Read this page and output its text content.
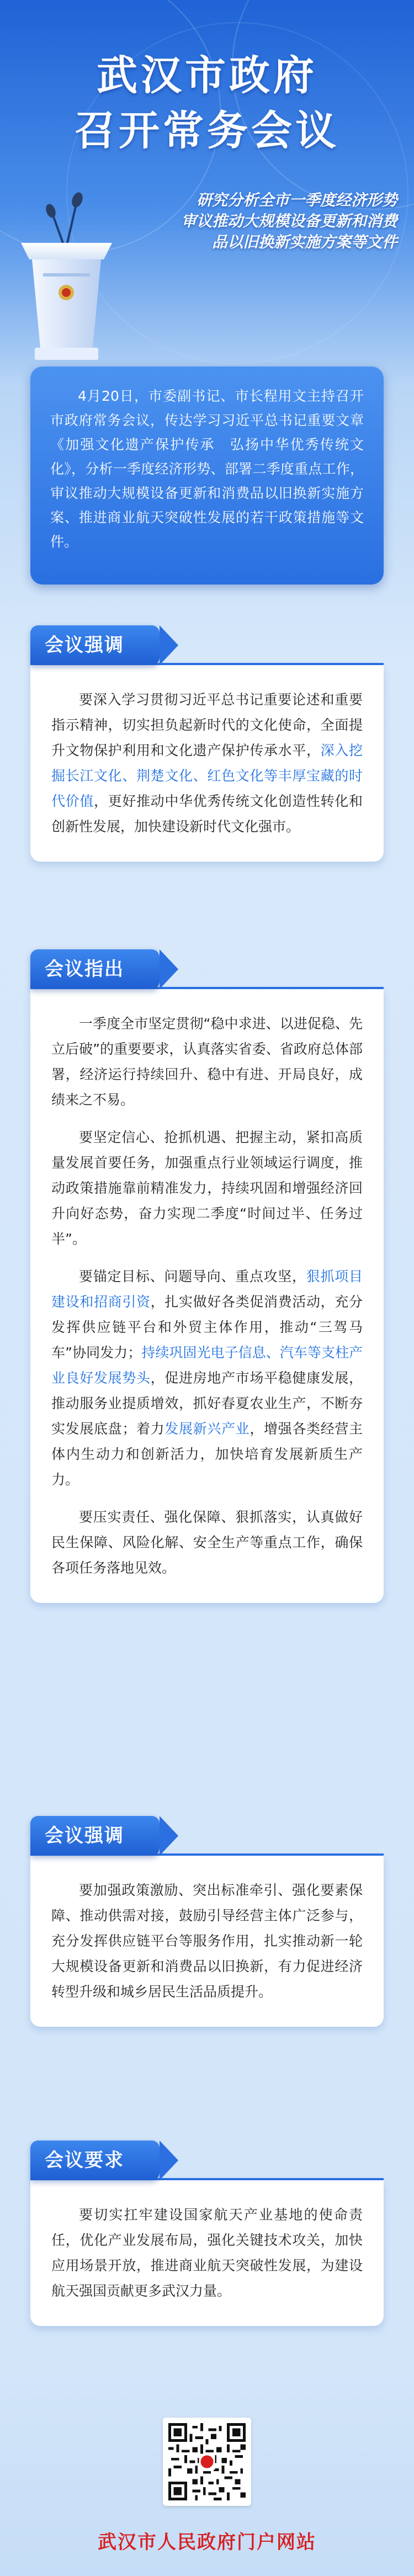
武汉市政府
召开常务会议
研究分析全市一季度经济形势
审议推动大规模设备更新和消费
品以旧换新实施方案等文件
4月20日，市委副书记、市长程用文主持召开市政府常务会议，传达学习习近平总书记重要文章《加强文化遗产保护传承　弘扬中华优秀传统文化》，分析一季度经济形势、部署二季度重点工作，审议推动大规模设备更新和消费品以旧换新实施方案、推进商业航天突破性发展的若干政策措施等文件。
会议强调

要深入学习贯彻习近平总书记重要论述和重要指示精神，切实担负起新时代的文化使命，全面提升文物保护利用和文化遗产保护传承水平，深入挖掘长江文化、荆楚文化、红色文化等丰厚宝藏的时代价值，更好推动中华优秀传统文化创造性转化和创新性发展，加快建设新时代文化强市。

会议指出

一季度全市坚定贯彻“稳中求进、以进促稳、先立后破”的重要要求，认真落实省委、省政府总体部署，经济运行持续回升、稳中有进、开局良好，成绩来之不易。

要坚定信心、抢抓机遇、把握主动，紧扣高质量发展首要任务，加强重点行业领域运行调度，推动政策措施靠前精准发力，持续巩固和增强经济回升向好态势，奋力实现二季度“时间过半、任务过半”。

要锚定目标、问题导向、重点攻坚，狠抓项目建设和招商引资，扎实做好各类促消费活动，充分发挥供应链平台和外贸主体作用，推动“三驾马车”协同发力；持续巩固光电子信息、汽车等支柱产业良好发展势头，促进房地产市场平稳健康发展，推动服务业提质增效，抓好春夏农业生产，不断夯实发展底盘；着力发展新兴产业，增强各类经营主体内生动力和创新活力，加快培育发展新质生产力。

要压实责任、强化保障、狠抓落实，认真做好民生保障、风险化解、安全生产等重点工作，确保各项任务落地见效。

会议强调

要加强政策激励、突出标准牵引、强化要素保障、推动供需对接，鼓励引导经营主体广泛参与，充分发挥供应链平台等服务作用，扎实推动新一轮大规模设备更新和消费品以旧换新，有力促进经济转型升级和城乡居民生活品质提升。

会议要求

要切实扛牢建设国家航天产业基地的使命责任，优化产业发展布局，强化关键技术攻关，加快应用场景开放，推进商业航天突破性发展，为建设航天强国贡献更多武汉力量。

武汉市人民政府门户网站
